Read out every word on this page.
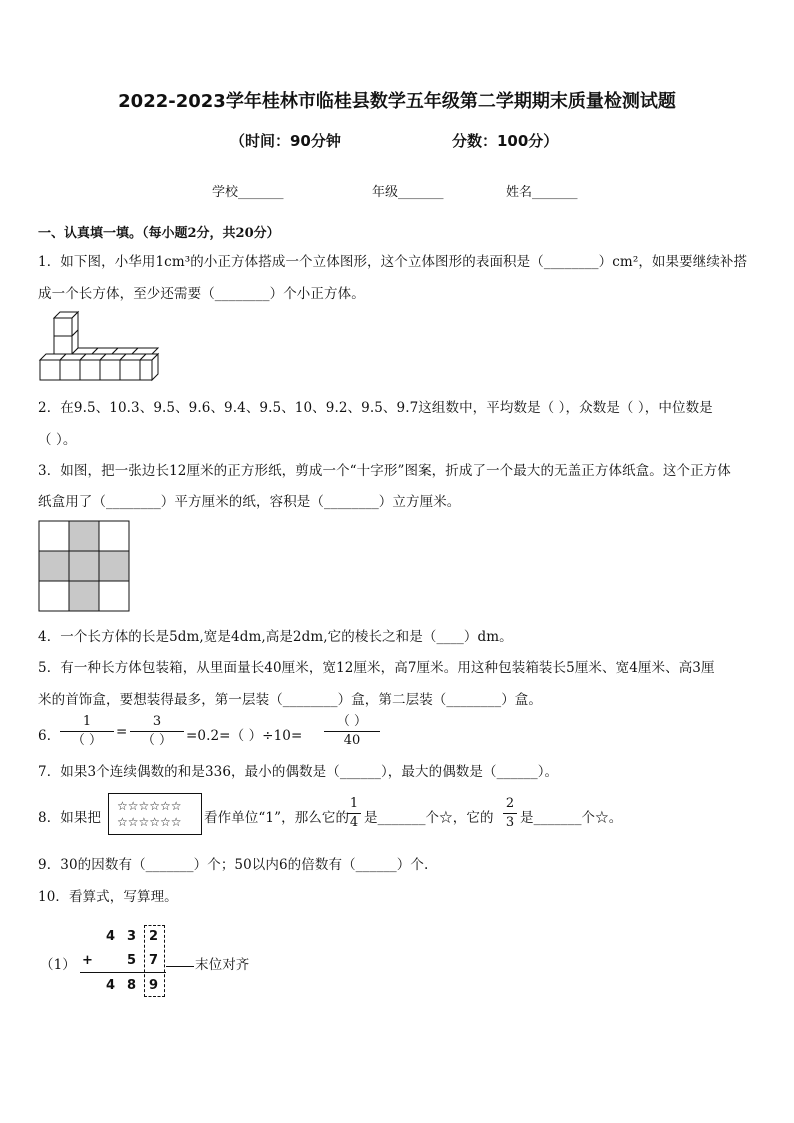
2022-2023学年桂林市临桂县数学五年级第二学期期末质量检测试题
（时间：90分钟	分数：100分）
学校_______	年级_______	姓名_______
一、认真填一填。（每小题2分，共20分）
1．如下图，小华用1cm³的小正方体搭成一个立体图形，这个立体图形的表面积是（________）cm²，如果要继续补搭
成一个长方体，至少还需要（________）个小正方体。
2．在9.5、10.3、9.5、9.6、9.4、9.5、10、9.2、9.5、9.7这组数中，平均数是（ ），众数是（ ），中位数是
（ ）。
3．如图，把一张边长12厘米的正方形纸，剪成一个“十字形”图案，折成了一个最大的无盖正方体纸盒。这个正方体
纸盒用了（________）平方厘米的纸，容积是（________）立方厘米。
4．一个长方体的长是5dm,宽是4dm,高是2dm,它的棱长之和是（____）dm。
5．有一种长方体包装箱，从里面量长40厘米，宽12厘米，高7厘米。用这种包装箱装长5厘米、宽4厘米、高3厘
米的首饰盒，要想装得最多，第一层装（________）盒，第二层装（________）盒。
6．
1
（ ）
=
3
（ ）	=0.2=（ ）÷10=
（ ）
40
7．如果3个连续偶数的和是336，最小的偶数是（______），最大的偶数是（______）。
8．如果把
☆☆☆☆☆☆
☆☆☆☆☆☆ 看作单位“1”，那么它的
1
4 是_______个☆，它的
2
3 是_______个☆。
9．30的因数有（_______）个；50以内6的倍数有（______）个.
10．看算式，写算理。
（1）
4 3 2
+	5 7
4 8 9
末位对齐
